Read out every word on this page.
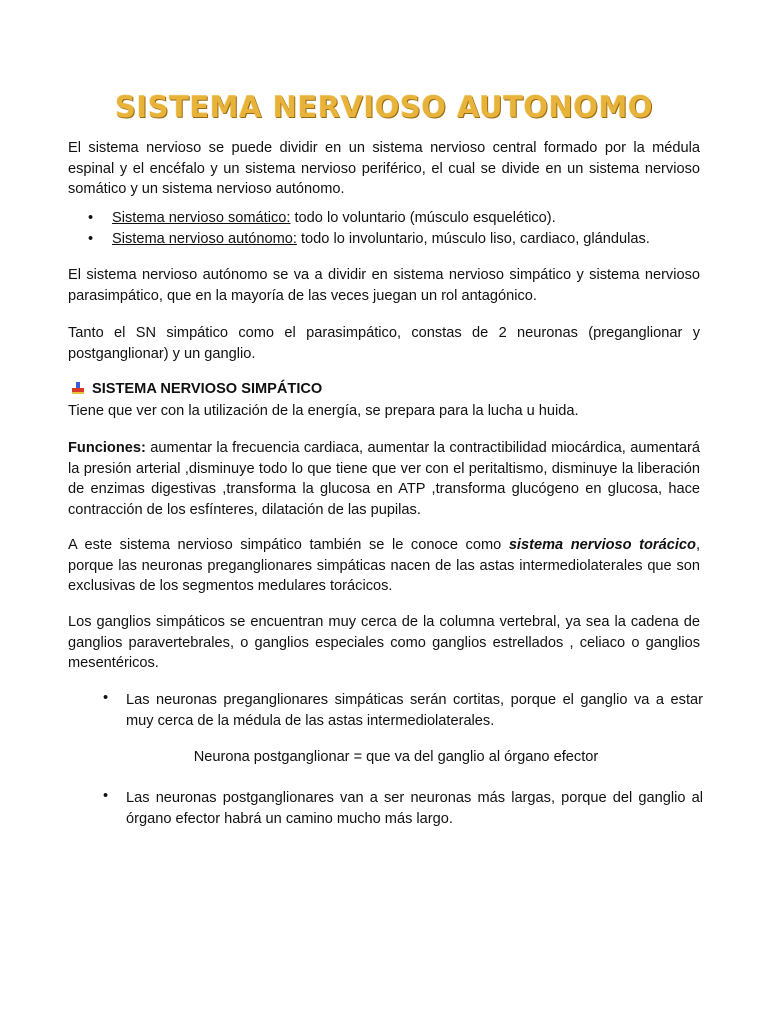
SISTEMA NERVIOSO AUTONOMO

El sistema nervioso se puede dividir en un sistema nervioso central formado por la médula espinal y el encéfalo y un sistema nervioso periférico, el cual se divide en un sistema nervioso somático y un sistema nervioso autónomo.

• Sistema nervioso somático: todo lo voluntario (músculo esquelético).
• Sistema nervioso autónomo: todo lo involuntario, músculo liso, cardiaco, glándulas.

El sistema nervioso autónomo se va a dividir en sistema nervioso simpático y sistema nervioso parasimpático, que en la mayoría de las veces juegan un rol antagónico.

Tanto el SN simpático como el parasimpático, constas de 2 neuronas (preganglionar y postganglionar) y un ganglio.

SISTEMA NERVIOSO SIMPÁTICO

Tiene que ver con la utilización de la energía, se prepara para la lucha u huida.

Funciones: aumentar la frecuencia cardiaca, aumentar la contractibilidad miocárdica, aumentará la presión arterial ,disminuye todo lo que tiene que ver con el peritaltismo, disminuye la liberación de enzimas digestivas ,transforma la glucosa en ATP ,transforma glucógeno en glucosa, hace contracción de los esfínteres, dilatación de las pupilas.

A este sistema nervioso simpático también se le conoce como sistema nervioso torácico, porque las neuronas preganglionares simpáticas nacen de las astas intermediolaterales que son exclusivas de los segmentos medulares torácicos.

Los ganglios simpáticos se encuentran muy cerca de la columna vertebral, ya sea la cadena de ganglios paravertebrales, o ganglios especiales como ganglios estrellados , celiaco o ganglios mesentéricos.

• Las neuronas preganglionares simpáticas serán cortitas, porque el ganglio va a estar muy cerca de la médula de las astas intermediolaterales.
Neurona postganglionar = que va del ganglio al órgano efector
• Las neuronas postganglionares van a ser neuronas más largas, porque del ganglio al órgano efector habrá un camino mucho más largo.
